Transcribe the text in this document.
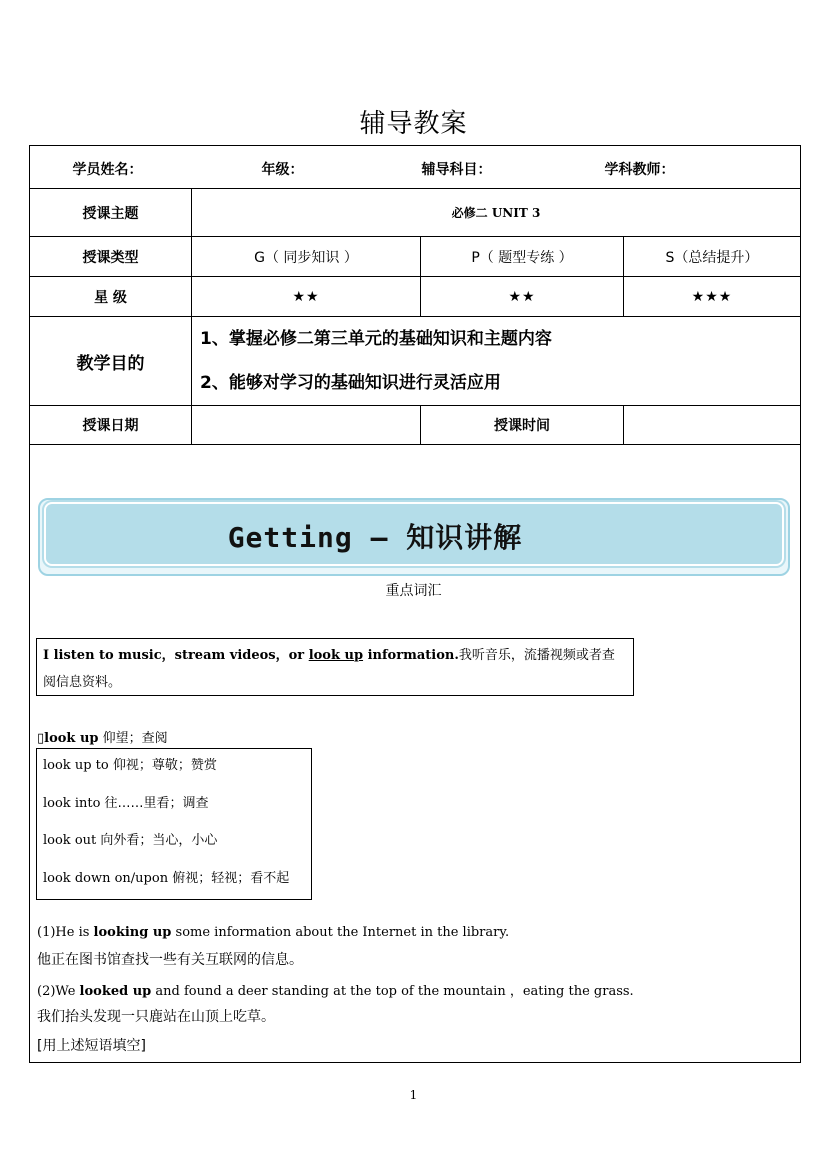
辅导教案
学员姓名： 年级： 辅导科目： 学科教师：			

授课主题	必修二 UNIT 3		
授课类型	G（ 同步知识 ）	P（ 题型专练 ）	S（总结提升）
星 级	★★	★★	★★★
教学目的	1、掌握必修二第三单元的基础知识和主题内容
2、能够对学习的基础知识进行灵活应用		

授课日期		授课时间	
Getting — 知识讲解
重点词汇
I listen to music，stream videos，or look up information.我听音乐，流播视频或者查阅信息资料。
▯look up 仰望；查阅
look up to 仰视；尊敬；赞赏
look into 往……里看；调查
look out 向外看；当心，小心
look down on/upon 俯视；轻视；看不起
(1)He is looking up some information about the Internet in the library.
他正在图书馆查找一些有关互联网的信息。
(2)We looked up and found a deer standing at the top of the mountain ，eating the grass.
我们抬头发现一只鹿站在山顶上吃草。
[用上述短语填空]
1
